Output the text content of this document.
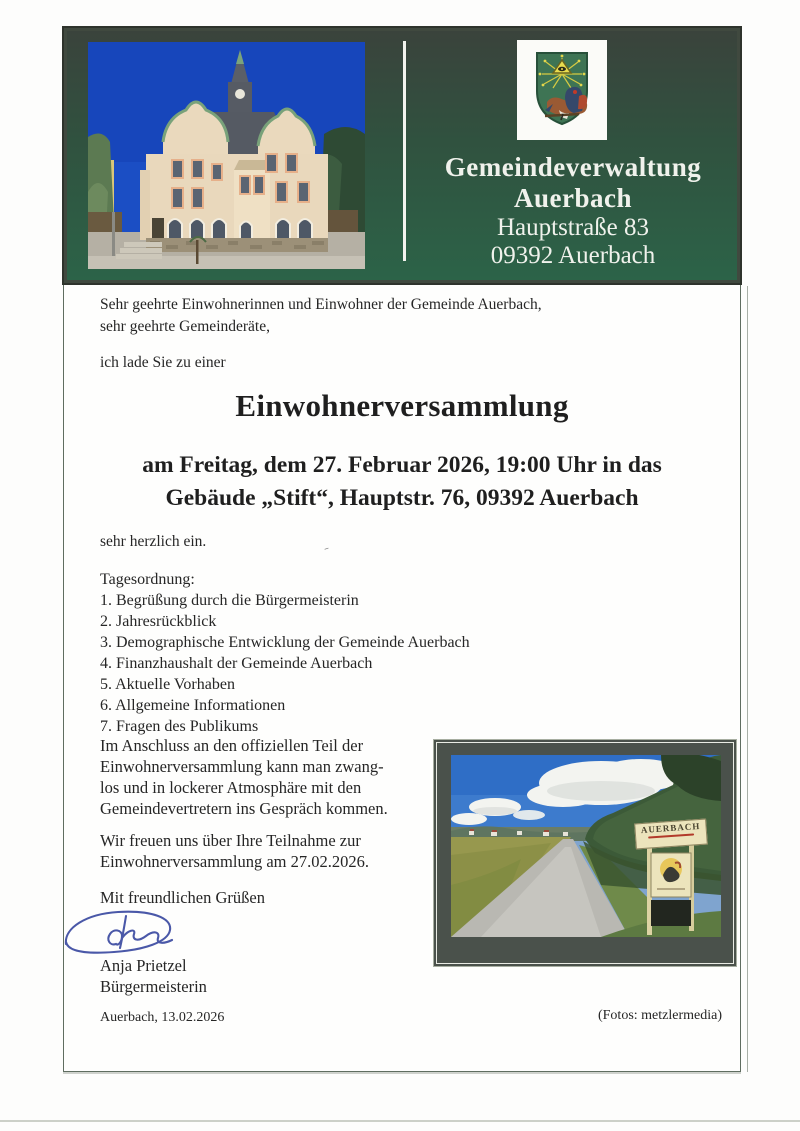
Gemeindeverwaltung
Auerbach
Hauptstraße 83
09392 Auerbach
Sehr geehrte Einwohnerinnen und Einwohner der Gemeinde Auerbach,
sehr geehrte Gemeinderäte,
ich lade Sie zu einer
Einwohnerversammlung
am Freitag, dem 27. Februar 2026, 19:00 Uhr in das
Gebäude „Stift“, Hauptstr. 76, 09392 Auerbach
sehr herzlich ein.
Tagesordnung:
1. Begrüßung durch die Bürgermeisterin
2. Jahresrückblick
3. Demographische Entwicklung der Gemeinde Auerbach
4. Finanzhaushalt der Gemeinde Auerbach
5. Aktuelle Vorhaben
6. Allgemeine Informationen
7. Fragen des Publikums
Im Anschluss an den offiziellen Teil der
Einwohnerversammlung kann man zwang-
los und in lockerer Atmosphäre mit den
Gemeindevertretern ins Gespräch kommen.
Wir freuen uns über Ihre Teilnahme zur
Einwohnerversammlung am 27.02.2026.
Mit freundlichen Grüßen
Anja Prietzel
Bürgermeisterin
Auerbach, 13.02.2026	(Fotos: metzlermedia)
AUERBACH
